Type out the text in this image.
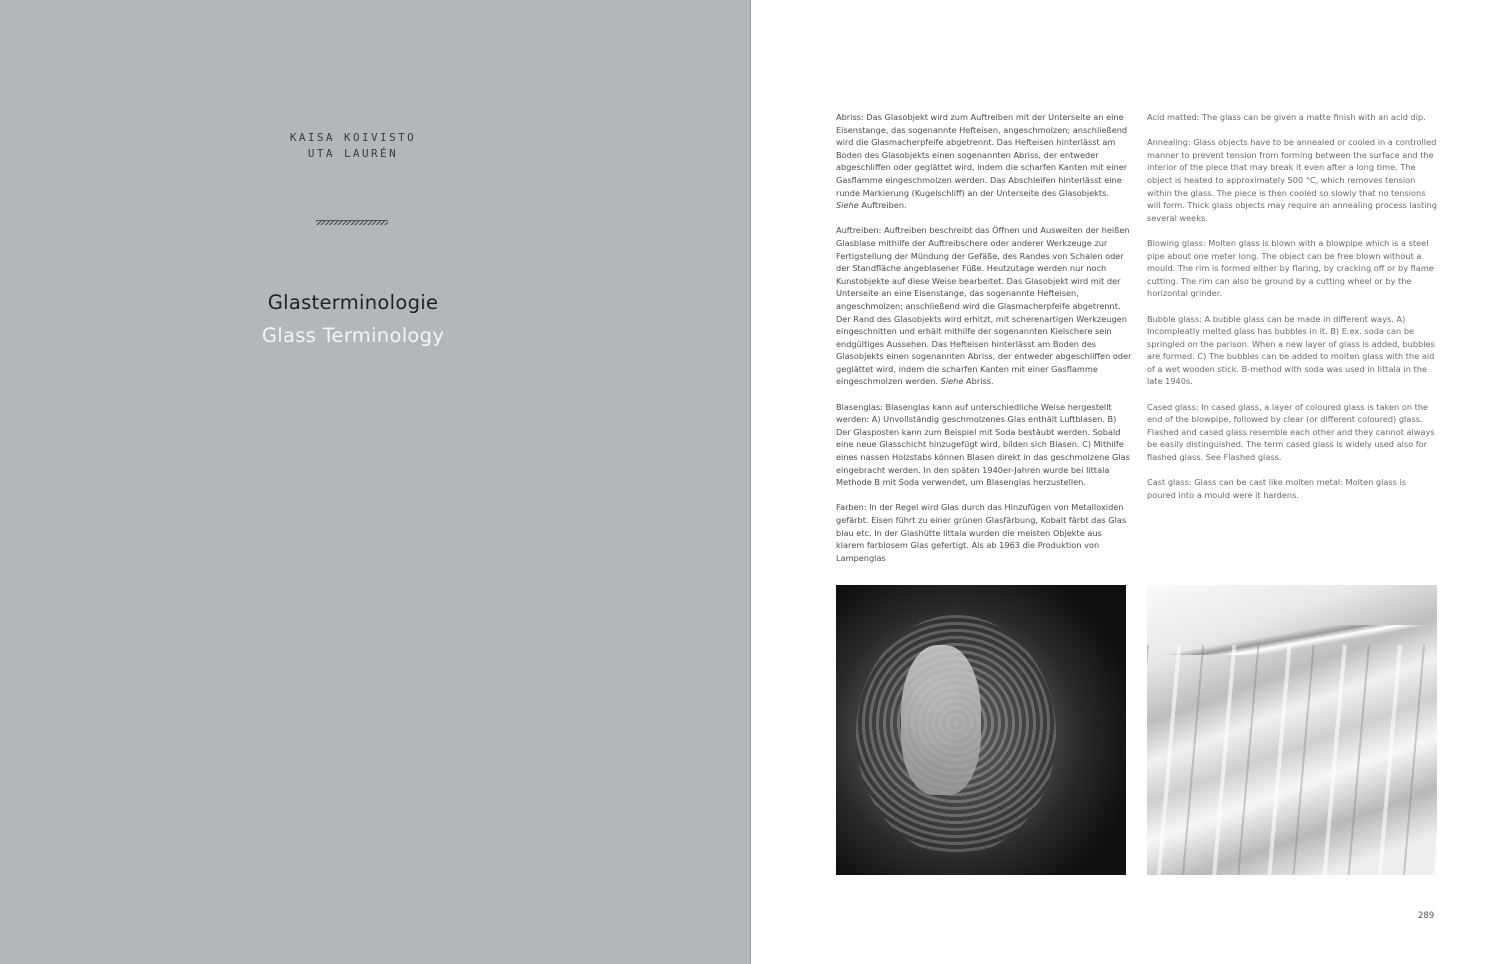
KAISA KOIVISTO
UTA LAURÉN
Glasterminologie
Glass Terminology

Abriss: Das Glasobjekt wird zum Auftreiben mit der Unterseite an eine Eisenstange, das sogenannte Hefteisen, angeschmolzen; anschließend wird die Glasmacherpfeife abgetrennt. Das Hefteisen hinterlässt am Boden des Glasobjekts einen sogenannten Abriss, der entweder abgeschliffen oder geglättet wird, indem die scharfen Kanten mit einer Gasflamme eingeschmolzen werden. Das Abschleifen hinterlässt eine runde Markierung (Kugelschliff) an der Unterseite des Glasobjekts. Siehe Auftreiben.

Auftreiben: Auftreiben beschreibt das Öffnen und Ausweiten der heißen Glasblase mithilfe der Auftreibschere oder anderer Werkzeuge zur Fertigstellung der Mündung der Gefäße, des Randes von Schalen oder der Standfläche angeblasener Füße. Heutzutage werden nur noch Kunstobjekte auf diese Weise bearbeitet. Das Glasobjekt wird mit der Unterseite an eine Eisenstange, das sogenannte Hefteisen, angeschmolzen; anschließend wird die Glasmacherpfeife abgetrennt. Der Rand des Glasobjekts wird erhitzt, mit scherenartigen Werkzeugen eingeschnitten und erhält mithilfe der sogenannten Kielschere sein endgültiges Aussehen. Das Hefteisen hinterlässt am Boden des Glasobjekts einen sogenannten Abriss, der entweder abgeschliffen oder geglättet wird, indem die scharfen Kanten mit einer Gasflamme eingeschmolzen werden. Siehe Abriss.

Blasenglas: Blasenglas kann auf unterschiedliche Weise hergestellt werden: A) Unvollständig geschmolzenes Glas enthält Luftblasen. B) Der Glasposten kann zum Beispiel mit Soda bestäubt werden. Sobald eine neue Glasschicht hinzugefügt wird, bilden sich Blasen. C) Mithilfe eines nassen Holzstabs können Blasen direkt in das geschmolzene Glas eingebracht werden. In den späten 1940er-Jahren wurde bei Iittala Methode B mit Soda verwendet, um Blasenglas herzustellen.

Farben: In der Regel wird Glas durch das Hinzufügen von Metalloxiden gefärbt. Eisen führt zu einer grünen Glasfärbung, Kobalt färbt das Glas blau etc. In der Glashütte Iittala wurden die meisten Objekte aus klarem farblosem Glas gefertigt. Als ab 1963 die Produktion von Lampenglas

Acid matted: The glass can be given a matte finish with an acid dip.

Annealing: Glass objects have to be annealed or cooled in a controlled manner to prevent tension from forming between the surface and the interior of the piece that may break it even after a long time. The object is heated to approximately 500 °C, which removes tension within the glass. The piece is then cooled so slowly that no tensions will form. Thick glass objects may require an annealing process lasting several weeks.

Blowing glass: Molten glass is blown with a blowpipe which is a steel pipe about one meter long. The object can be free blown without a mould. The rim is formed either by flaring, by cracking off or by flame cutting. The rim can also be ground by a cutting wheel or by the horizontal grinder.

Bubble glass: A bubble glass can be made in different ways. A) Incompleatly melted glass has bubbles in it. B) E.ex. soda can be springled on the parison. When a new layer of glass is added, bubbles are formed. C) The bubbles can be added to molten glass with the aid of a wet wooden stick. B-method with soda was used in Iittala in the late 1940s.

Cased glass: In cased glass, a layer of coloured glass is taken on the end of the blowpipe, followed by clear (or different coloured) glass. Flashed and cased glass resemble each other and they cannot always be easily distinguished. The term cased glass is widely used also for flashed glass. See Flashed glass.

Cast glass: Glass can be cast like molten metal: Molten glass is poured into a mould were it hardens.

289
